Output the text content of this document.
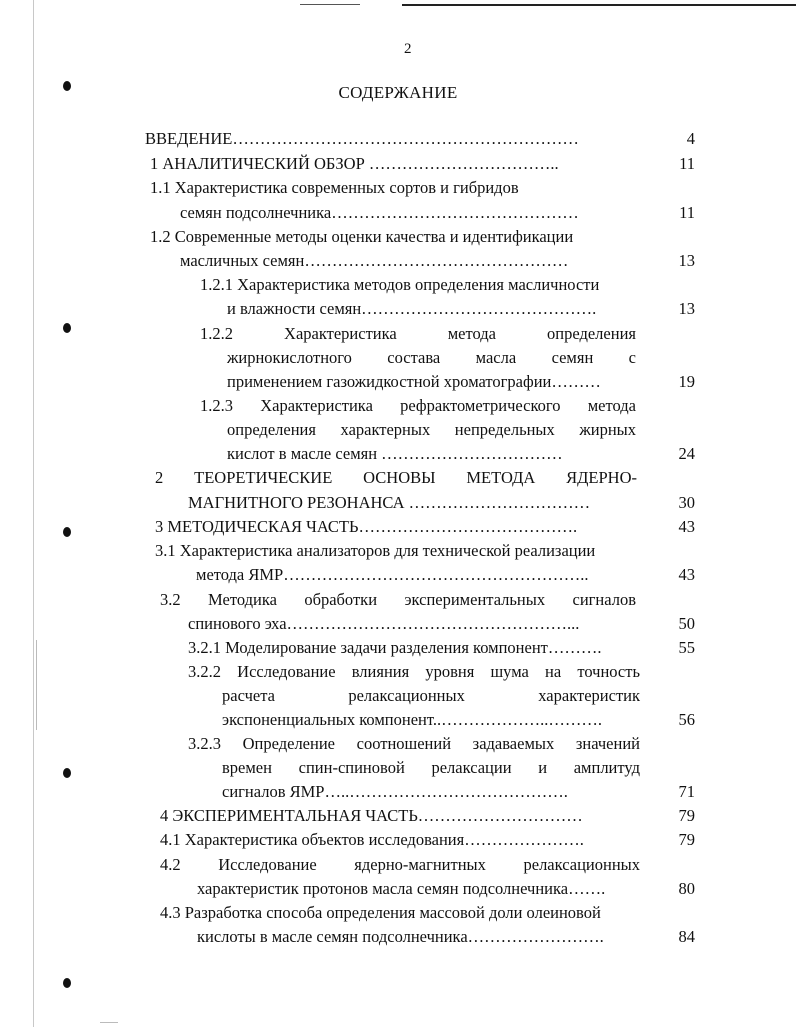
2
СОДЕРЖАНИЕ
ВВЕДЕНИЕ………………………………………………………	4
1 АНАЛИТИЧЕСКИЙ ОБЗОР ……………………………..	11
1.1 Характеристика современных сортов и гибридов
семян подсолнечника………………………………………	11
1.2 Современные методы оценки качества и идентификации
масличных семян…………………………………………	13
1.2.1 Характеристика методов определения масличности
и влажности семян…………………………………….	13
1.2.2 Характеристика метода определения
жирнокислотного состава масла семян с
применением газожидкостной хроматографии………	19
1.2.3 Характеристика рефрактометрического метода
определения характерных непредельных жирных
кислот в масле семян ……………………………	24
2 ТЕОРЕТИЧЕСКИЕ ОСНОВЫ МЕТОДА ЯДЕРНО-
МАГНИТНОГО РЕЗОНАНСА ……………………………	30
3 МЕТОДИЧЕСКАЯ ЧАСТЬ………………………………….	43
3.1 Характеристика анализаторов для технической реализации
метода ЯМР………………………………………………..	43
3.2 Методика обработки экспериментальных сигналов
спинового эха……………………………………………...	50
3.2.1 Моделирование задачи разделения компонент……….	55
3.2.2 Исследование влияния уровня шума на точность
расчета релаксационных характеристик
экспоненциальных компонент..………………..……….	56
3.2.3 Определение соотношений задаваемых значений
времен спин-спиновой релаксации и амплитуд
сигналов ЯМР…..………………………………….	71
4 ЭКСПЕРИМЕНТАЛЬНАЯ ЧАСТЬ…………………………	79
4.1 Характеристика объектов исследования………………….	79
4.2 Исследование ядерно-магнитных релаксационных
характеристик протонов масла семян подсолнечника…….	80
4.3 Разработка способа определения массовой доли олеиновой
кислоты в масле семян подсолнечника…………………….	84
